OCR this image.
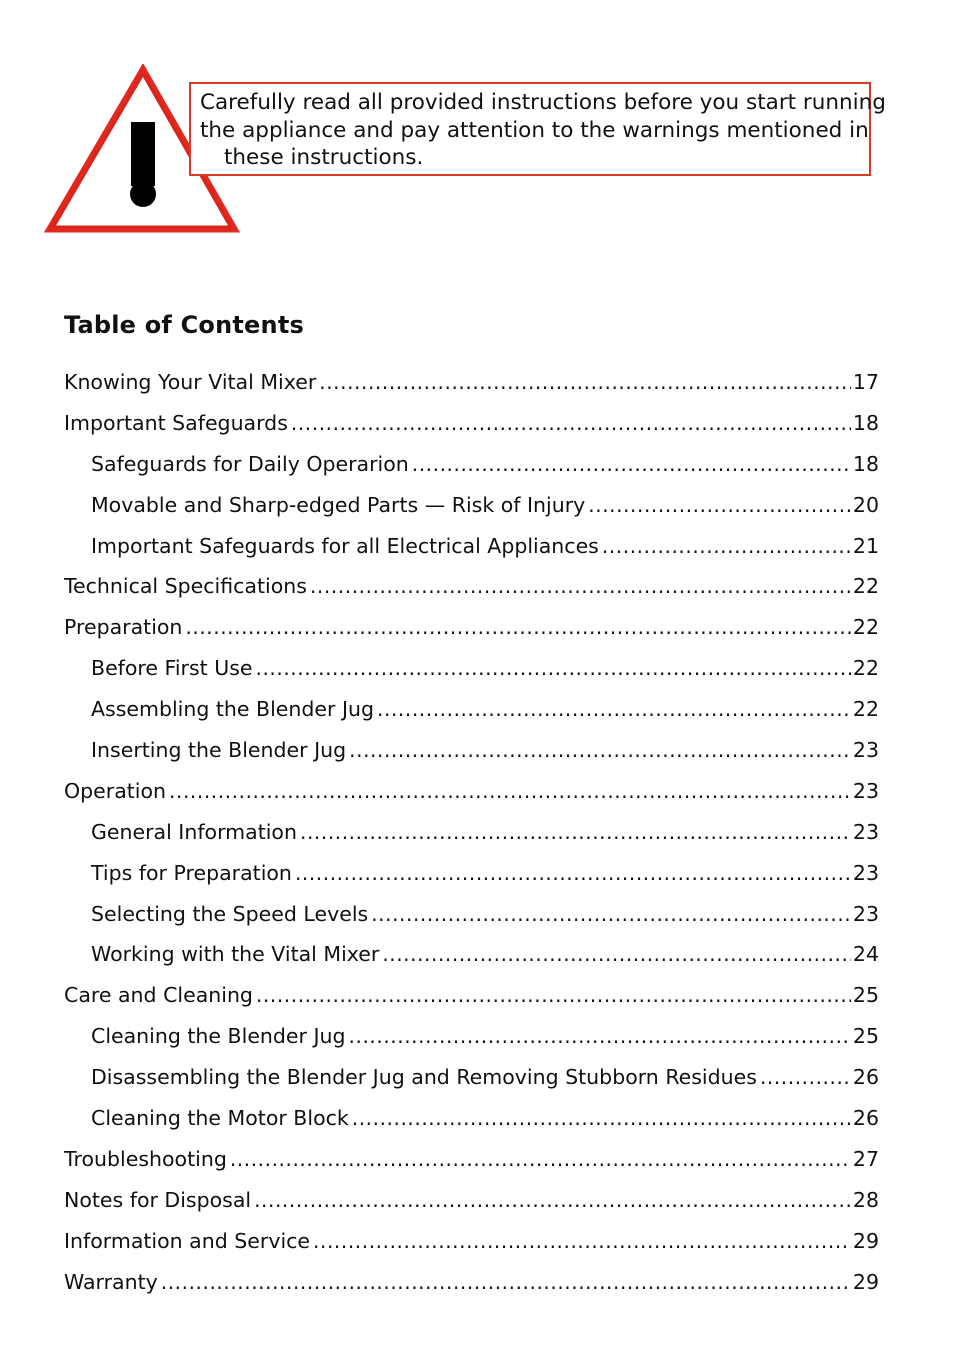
Carefully read all provided instructions before you start running
the appliance and pay attention to the warnings mentioned in
these instructions.
Table of Contents
Knowing Your Vital Mixer .....	17
Important Safeguards .....	18
Safeguards for Daily Operarion .....	18
Movable and Sharp-edged Parts — Risk of Injury .....	20
Important Safeguards for all Electrical Appliances .....	21
Technical Specifications .....	22
Preparation .....	22
Before First Use .....	22
Assembling the Blender Jug .....	22
Inserting the Blender Jug .....	23
Operation .....	23
General Information .....	23
Tips for Preparation .....	23
Selecting the Speed Levels .....	23
Working with the Vital Mixer .....	24
Care and Cleaning .....	25
Cleaning the Blender Jug .....	25
Disassembling the Blender Jug and Removing Stubborn Residues .....	26
Cleaning the Motor Block .....	26
Troubleshooting .....	27
Notes for Disposal .....	28
Information and Service .....	29
Warranty .....	29
